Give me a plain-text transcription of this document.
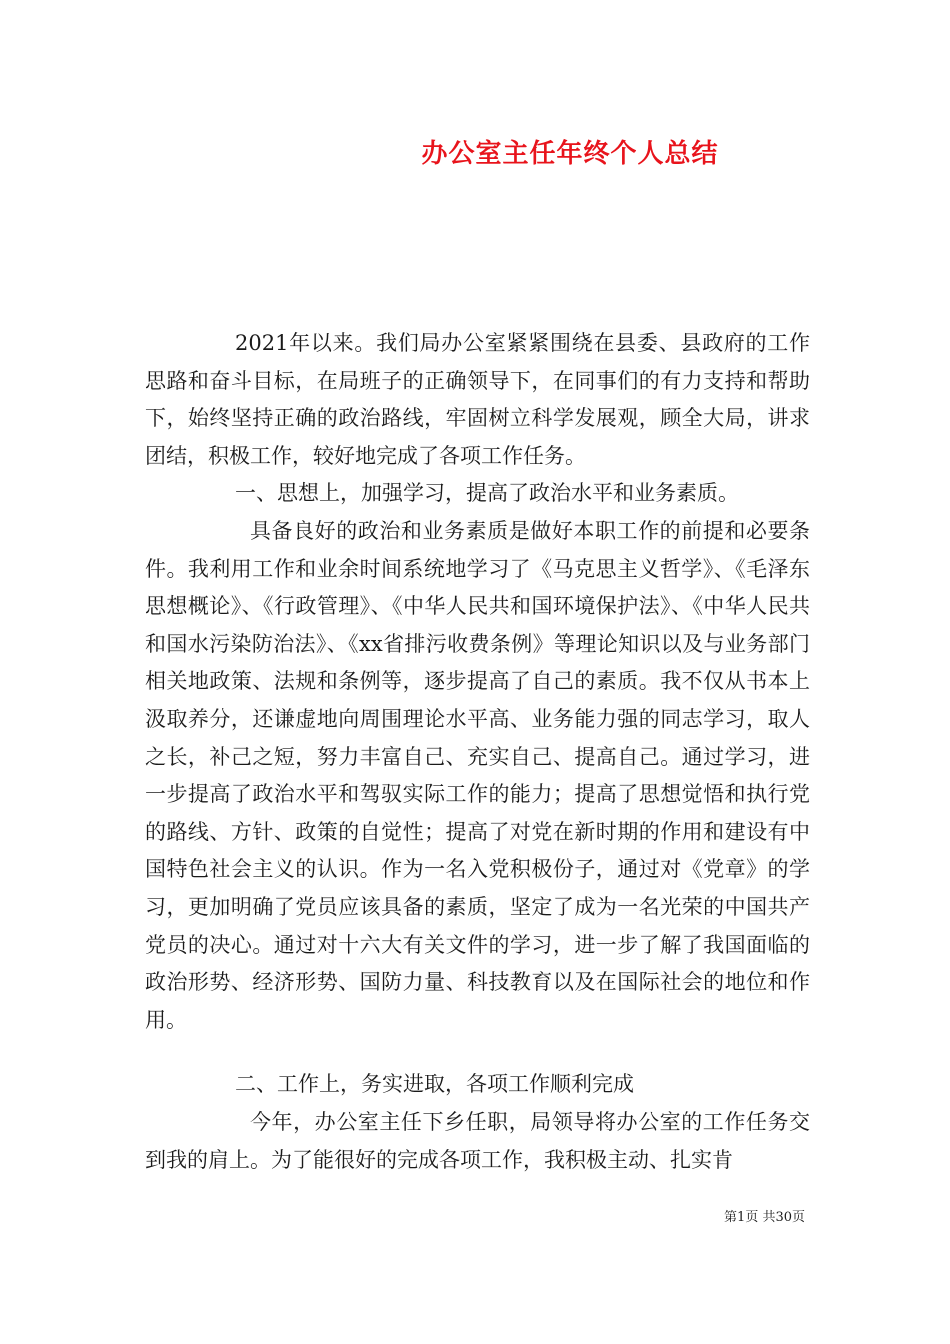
办公室主任年终个人总结

2021年以来。我们局办公室紧紧围绕在县委、县政府的工作思路和奋斗目标，在局班子的正确领导下，在同事们的有力支持和帮助下，始终坚持正确的政治路线，牢固树立科学发展观，顾全大局，讲求团结，积极工作，较好地完成了各项工作任务。

一、思想上，加强学习，提高了政治水平和业务素质。

具备良好的政治和业务素质是做好本职工作的前提和必要条件。我利用工作和业余时间系统地学习了《马克思主义哲学》、《毛泽东思想概论》、《行政管理》、《中华人民共和国环境保护法》、《中华人民共和国水污染防治法》、《xx省排污收费条例》等理论知识以及与业务部门相关地政策、法规和条例等，逐步提高了自己的素质。我不仅从书本上汲取养分，还谦虚地向周围理论水平高、业务能力强的同志学习，取人之长，补己之短，努力丰富自己、充实自己、提高自己。通过学习，进一步提高了政治水平和驾驭实际工作的能力；提高了思想觉悟和执行党的路线、方针、政策的自觉性；提高了对党在新时期的作用和建设有中国特色社会主义的认识。作为一名入党积极份子，通过对《党章》的学习，更加明确了党员应该具备的素质，坚定了成为一名光荣的中国共产党员的决心。通过对十六大有关文件的学习，进一步了解了我国面临的政治形势、经济形势、国防力量、科技教育以及在国际社会的地位和作用。

二、工作上，务实进取，各项工作顺利完成

今年，办公室主任下乡任职，局领导将办公室的工作任务交到我的肩上。为了能很好的完成各项工作，我积极主动、扎实肯

第1页 共30页
